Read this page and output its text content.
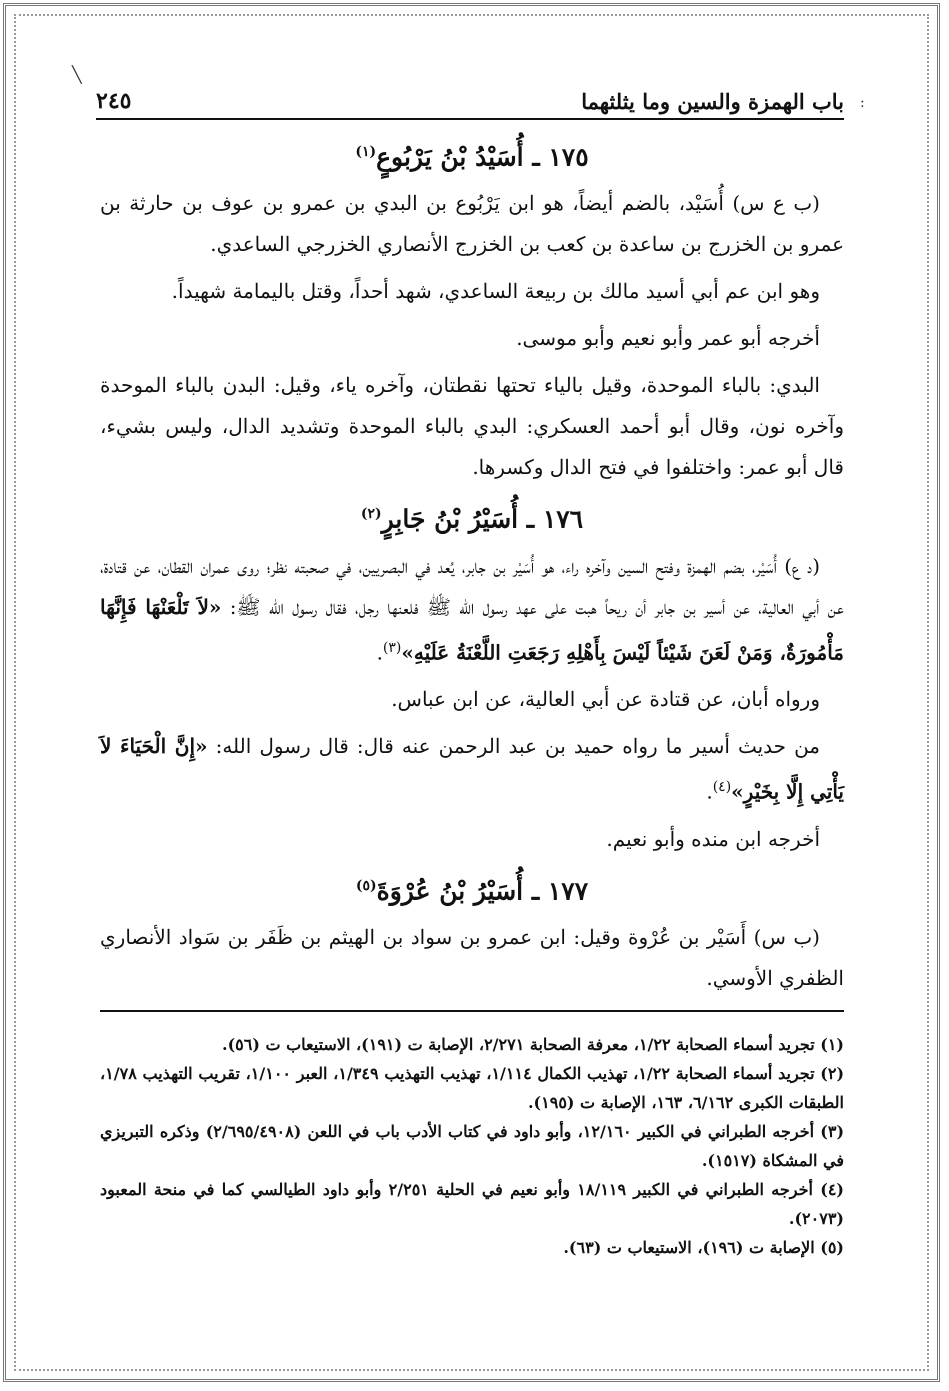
╲
:
٢٤٥	باب الهمزة والسين وما يثلثهما
١٧٥ ـ أُسَيْدُ بْنُ يَرْبُوعٍ$^{(١)}$

(ب ع س) أُسَيْد، بالضم أيضاً، هو ابن يَرْبُوع بن البدي بن عمرو بن عوف بن حارثة بن عمرو بن الخزرج بن ساعدة بن كعب بن الخزرج الأنصاري الخزرجي الساعدي.

وهو ابن عم أبي أسيد مالك بن ربيعة الساعدي، شهد أحداً، وقتل باليمامة شهيداً.

أخرجه أبو عمر وأبو نعيم وأبو موسى.

البدي: بالباء الموحدة، وقيل بالياء تحتها نقطتان، وآخره ياء، وقيل: البدن بالباء الموحدة وآخره نون، وقال أبو أحمد العسكري: البدي بالباء الموحدة وتشديد الدال، وليس بشيء، قال أبو عمر: واختلفوا في فتح الدال وكسرها.

١٧٦ ـ أُسَيْرُ بْنُ جَابِرٍ$^{(٢)}$

(د ع) أُسَيْر، بضم الهمزة وفتح السين وآخره راء، هو أُسَيْر بن جابر، يُعد في البصريين، في صحبته نظر؛ روى عمران القطان، عن قتادة، عن أبي العالية، عن أسير بن جابر أن ريحاً هبت على عهد رسول الله ﷺ فلعنها رجل، فقال رسول الله ﷺ: «لاَ تَلْعَنْهَا فَإِنَّهَا مَأْمُورَةٌ، وَمَنْ لَعَنَ شَيْئاً لَيْسَ بِأَهْلِهِ رَجَعَتِ اللَّعْنَةُ عَلَيْهِ»$^{(٣)}$.

ورواه أبان، عن قتادة عن أبي العالية، عن ابن عباس.

من حديث أسير ما رواه حميد بن عبد الرحمن عنه قال: قال رسول الله: «إِنَّ الْحَيَاءَ لاَ يَأْتِي إِلَّا بِخَيْرٍ»$^{(٤)}$.

أخرجه ابن منده وأبو نعيم.

١٧٧ ـ أُسَيْرُ بْنُ عُرْوَةَ$^{(٥)}$

(ب س) أَسَيْر بن عُرْوة وقيل: ابن عمرو بن سواد بن الهيثم بن ظَفَر بن سَواد الأنصاري الظفري الأوسي.

(١) تجريد أسماء الصحابة ١/٢٢، معرفة الصحابة ٢/٢٧١، الإصابة ت (١٩١)، الاستيعاب ت (٥٦).

(٢) تجريد أسماء الصحابة ١/٢٢، تهذيب الكمال ١/١١٤، تهذيب التهذيب ١/٣٤٩، العبر ١/١٠٠، تقريب التهذيب ١/٧٨، الطبقات الكبرى ٦/١٦٢، ١٦٣، الإصابة ت (١٩٥).

(٣) أخرجه الطبراني في الكبير ١٢/١٦٠، وأبو داود في كتاب الأدب باب في اللعن (٢/٦٩٥/٤٩٠٨) وذكره التبريزي في المشكاة (١٥١٧).

(٤) أخرجه الطبراني في الكبير ١٨/١١٩ وأبو نعيم في الحلية ٢/٢٥١ وأبو داود الطيالسي كما في منحة المعبود (٢٠٧٣).

(٥) الإصابة ت (١٩٦)، الاستيعاب ت (٦٣).
